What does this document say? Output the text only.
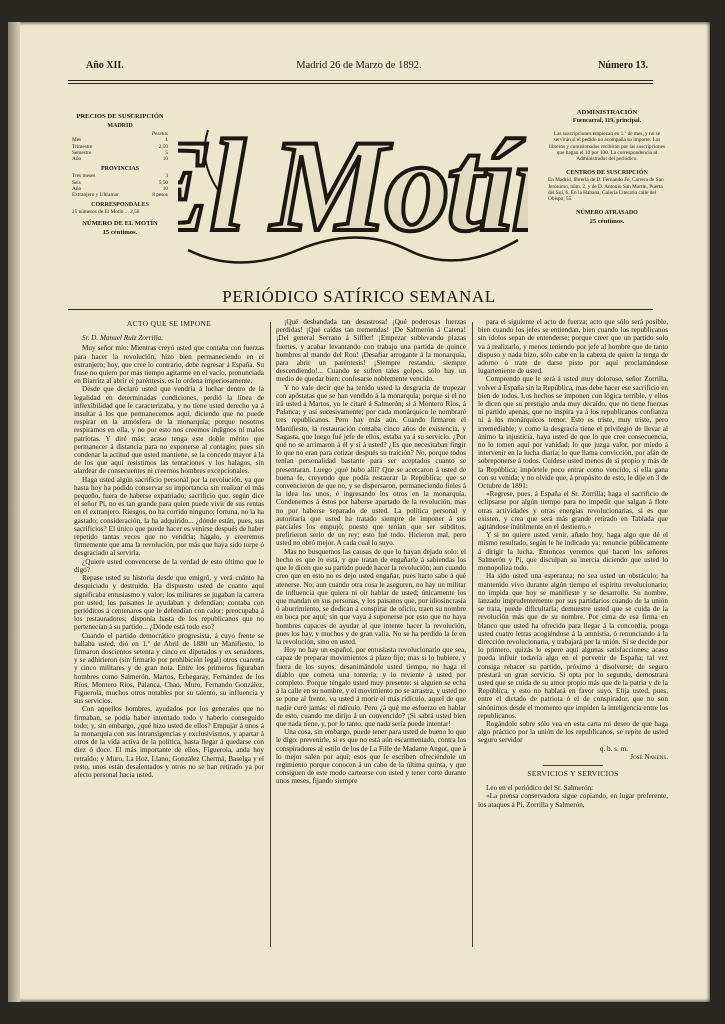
Madrid 26 de Marzo de 1892.
Año XII.	Número 13.
PRECIOS DE SUSCRIPCIÓN
MADRID
Pesetas
Mes	1
Trimestre	2,50
Semestre	5
Año	10
PROVINCIAS
Tres meses	3
Seis	5,50
Año	10
Extranjero y Ultramar	8 pesos
CORRESPONDALES
25 números de El Motín ... 2,50
NÚMERO DE EL MOTÍN
15 céntimos. l Motí	ADMINISTRACIÓN
Fuencarral, 119, principal.
Las suscripciones empiezan en 1.º de mes, y no se servirán si el pedido no acompaña su importe. Los libreros y comisionados recibirán por las suscripciones que hagan el 10 por 100. La correspondencia al Administrador del periódico.
CENTROS DE SUSCRIPCIÓN
En Madrid, librería de D. Fernando Fe, Carrera de San Jerónimo, núm. 2, y de D. Antonio San Martín, Puerta del Sol, 6. En la Habana, Galería Literaria calle del Obispo, 55.
NÚMERO ATRASADO
25 céntimos.
PERIÓDICO SATÍRICO SEMANAL

ACTO QUE SE IMPONE

Sr. D. Manuel Ruiz Zorrilla.

Muy señor mío: Mientras creyó usted que contaba con fuerzas para hacer la revolución, hizo bien permaneciendo en el extranjero; hoy, que cree lo contrario, debe regresar á España. Su frase no quiero por más tiempo agitarme en el vacío, pronunciada en Biarritz al abrir el paréntesis, es lo ordena imperiosamente.

Desde que declaró usted que vendría á luchar dentro de la legalidad en determinadas condiciones, perdió la línea de inflexibilidad que le caracterizaba, y no tiene usted derecho ya á insultar á los que permanecemos aquí, diciendo que no puede respirar en la atmósfera de la monarquía; porque nosotros respiramos en ella, y no por esto nos creemos indignos ni malos patriotas. Y diré más: acaso tenga este doble mérito que permanecer á distancia para no exponerse al contagio; pues sin condenar la actitud que usted mantiene, se la concedo mayor á la de los que aquí resistimos las tentaciones y los halagos, sin alardear de consecuentes ni creernos hombres excepcionales.

Haga usted algún sacrificio personal por la revolución, ya que hasta hoy ha podido conservar su importancia sin realizar el más pequeño, fuera de haberse expatriado; sacrificio que, según dice el señor Pi, no es tan grande para quien puede vivir de sus rentas en el extranjero. Riesgos, no ha corrido ninguno; fortuna, no la ha gastado; consideración, la ha adquirido... ¿dónde están, pues, sus sacrificios? El único que puede hacer es venirse después de haber repetido tantas veces que no vendría; hágalo, y creeremos firmemente que ama la revolución, por más que haya sido torpe ó desgraciado al servirla.

¿Quiere usted convencerse de la verdad de esto último que le digo?

Repase usted su historia desde que emigró, y verá cuánto ha desquiciado y destruido. Ha dispuesto usted de cuanto aquí significaba entusiasmo y valor; los militares se jugaban la carrera por usted; los paisanos le ayudaban y defendían; contaba con periódicos á centenares que le defendían con calor; preocupaba á los restauradores; disponía hasta de los republicanos que no pertenecían á su partido... ¿Dónde está todo eso?

Cuando el partido democrático progresista, á cuyo frente se hallaba usted, dió en 1.º de Abril de 1880 un Manifiesto, lo firmaron doscientos setenta y cinco ex diputados y ex senadores, y se adhirieron (sin firmarlo por prohibición legal) otros cuarenta y cinco militares y de gran nota. Entre los primeros figuraban hombres como Salmerón, Martos, Echegaray, Fernández de los Ríos, Montero Ríos, Palanca, Chao, Muro, Fernando González, Figuerola, muchos otros notables por su talento, su influencia y sus servicios.

Con aquellos hombres, ayudados por los generales que no firmaban, se podía haber intentado todo y haberlo conseguido todo; y, sin embargo, ¿qué hizo usted de ellos? Empujar á unos á la monarquía con sus intransigencias y exclusivismos, y apartar á otros de la vida activa de la política, hasta llegar á quedarse con diez ó doce. El más importante de ellos, Figuerola, anda hoy retraído; y Muro, La Hoz, Llano, González Chermá, Baselga y el resto, unos están desalentados y otros no se han retirado ya por afecto personal hacia usted.

¡Qué desbandada tan desastrosa! ¡Qué poderosas fuerzas perdidas! ¡Qué caídas tan tremendas! ¡De Salmerón á Catena! ¡Del general Serrano á Siffler! ¡Empezar sublevando plazas fuertes, y acabar levantando con trabajo una partida de quince hombres al mando del Rou! ¡Desafiar arrogante á la monarquía, para abrir un paréntesis! ¡Siempre restando, siempre descendiendo!... Cuando se sufren tales golpes, sólo hay un medio de quedar bien: confesarse noblemente vencido.

Y no vale decir que ha tenido usted la desgracia de tropezar con apóstatas que se han vendido á la monarquía; porque si el no irá usted á Martos, yo le citaré á Salmerón; si á Montero Ríos, á Palanca; y así sucesivamente; por cada monárquico le nombraré tres republicanos. Pero hay más aún. Cuando firmaron el Manifiesto, la restauración contaba cinco años de existencia, y Sagasta, que luego fué jefe de ellos, estaba ya á su servicio. ¿Por qué no se arrimaron á él y sí á usted? ¿Es que necesitaban fingir lo que no eran para cotizar después su traición? No, porque todos tenían personalidad bastante para ser aceptados cuanto se presentaran. Luego ¿qué hubo allí? Que se acercaron á usted de buena fe, creyendo que podía restaurar la República; que se convencieron de que no, y se dispersaron, permaneciendo fieles á la idea los unos, é ingresando los otros en la monarquía. Condenemos á éstos por haberse apartado de la revolución, mas no por haberse separado de usted. La política personal y autoritaria que usted ha tratado siempre de imponer á sus parciales los empujó; puesto que tenían que ser súbditos, prefirieron serlo de un rey; esto fué todo. Hicieron mal, pero usted no obró mejor. A cada cual lo suyo.

Mas no busquemos las causas de que lo hayan dejado solo: el hecho es que lo está, y que tratan de engañarle á sabiendas los que le dicen que su partido puede hacer la revolución; aun cuando creo que en esto no es dejo usted engañar, pues harto sabe á qué atenerse. No; aun cuando otra cosa le aseguren, no hay un militar de influencia que quiera ni oír hablar de usted; únicamente los que mandan en sus personas, y los paisanos que, por idiosincrasia ó aburrimiento, se dedican á conspirar de oficio, traen su nombre en boca por aquí; sin que vaya á suponerse por esto que no haya hombres capaces de ayudar al que intente hacer la revolución, pues los hay, y muchos y de gran valía. No se ha perdido la fe en la revolución, sino en usted.

Hoy no hay un español, por entusiasta revolucionario que sea, capaz de preparar movimientos á plazo fijo; mas si lo hubiere, y fuera de los suyos, desanimándole usted tiempo, no haga el diablo que cometa una tontería, y lo reviente á usted por completo. Porque téngalo usted muy presente: si alguien se echa á la calle en su nombre, y el movimiento no se arrastra, y usted no se pone al frente, va usted á morir el más ridículo, aquel de que nadie curó jamás: el ridículo. Pero ¿á qué me esfuerzo en hablar de esto, cuando me dirijo á un convencido? ¡Si sabrá usted bien que nada tiene, y, por lo tanto, que nada sería puede intentar!

Una cosa, sin embargo, puede tener para usted de bueno lo que le digo: prevenirle, si es que no está aún escarmentado, contra los conspiradores al estilo de los de La Fille de Madame Angot, que á lo mejor salen por aquí; esos que le escriben ofreciéndole un regimiento porque conocen á un cabo de la última quinta, y que consiguen de este modo cartearse con usted y tener corte durante unos meses, fijando siempre

para el siguiente el acto de fuerza; acto que sólo será posible, bien cuando los jefes se entiendan, bien cuando los republicanos sin ídolos sepan de entenderse; porque creer que un partido solo va á realizarlo, y menos teniendo por jefe al hombre que de tanto dispuso y nada hizo, sólo cabe en la cabeza de quien la tenga de adorno ó trate de darse pisto por aquí proclamándose lugarteniente de usted.

Comprendo que le será á usted muy doloroso, señor Zorrilla, volver á España sin la República, mas debe hacer ese sacrificio en bien de todos. Los hechos se imponen con lógica terrible, y ellos le dicen que su prestigio anda muy decaído, que no tiene fuerzas ni partido apenas, que no inspira ya á los republicanos confianza ni á los monárquicos temor. Esto es triste, muy triste, pero irremediable; y como la desgracia tiene el privilegio de llevar al ánimo la injusticia, haya usted de que lo que cree consecuencia, no lo tomen aquí por vanidad; lo que juzga valor, por miedo á intervenir en la lucha diaria; lo que llama convicción, por afán de sobreponerse á todos. Cuídese usted menos de sí propio y más de la República; impórtele poco entrar como vencido, si ella gana con su venida; y no olvide que, á propósito de esto, le dije en 3 de Octubre de 1891:

«Regrese, pues, á España el Sr. Zorrilla; haga el sacrificio de eclipsarse por algún tiempo para no impedir que salgan á flote otras actividades y otras energías revolucionarias, si es que existen, y crea que será más grande retirado en Tablada que agitándose inútilmente en el destierro.»

Y si no quiere usted venir, añado hoy, haga algo que dé el mismo resultado, según le he indicado ya: renuncie públicamente á dirigir la lucha. Entonces veremos qué hacen los señores Salmerón y Pi, que disculpan su inercia diciendo que usted lo monopoliza todo.

Ha sido usted una esperanza; no sea usted un obstáculo; ha mantenido vivo durante algún tiempo el espíritu revolucionario; no impida que hoy se manifieste y se desarrolle. Su nombre, lanzado imprudentemente por sus partidarios cuando de la unión se trata, puede dificultarla; demuestre usted que se cuida de la revolución más que de su nombre. Por cima de esa firma en blanco que usted ha ofrecido para llegar á la concordia, ponga usted cuatro letras acogiéndose á la amnistía, ó renunciando á la dirección revolucionaria, y trabajará por la unión. Si se decide por lo primero, quizás le espere aquí algunas satisfacciones; acaso pueda influir todavía algo en el porvenir de España; tal vez consiga rehacer su partido, próximo á disolverse; de seguro prestará un gran servicio. Si opta por lo segundo, demostrará usted que se cuida de su amor propio más que de la patria y de la República, y esto no hablará en favor suyo. Elija usted, pues, entre el dictado de patriota ó el de conspirador, que no son sinónimos desde el momento que impiden la inteligencia entre los republicanos.

Rogándole sobre sólo vea en esta carta mi deseo de que haga algo práctico por la unión de los republicanos, se repite de usted seguro servidor

q. b. s. m.

José Nakens.

SERVICIOS Y SERVICIOS

Leo en el periódico del Sr. Salmerón:

«La prensa conservadora sigue copiando, en lugar preferente, los ataques á Pi, Zorrilla y Salmerón,
